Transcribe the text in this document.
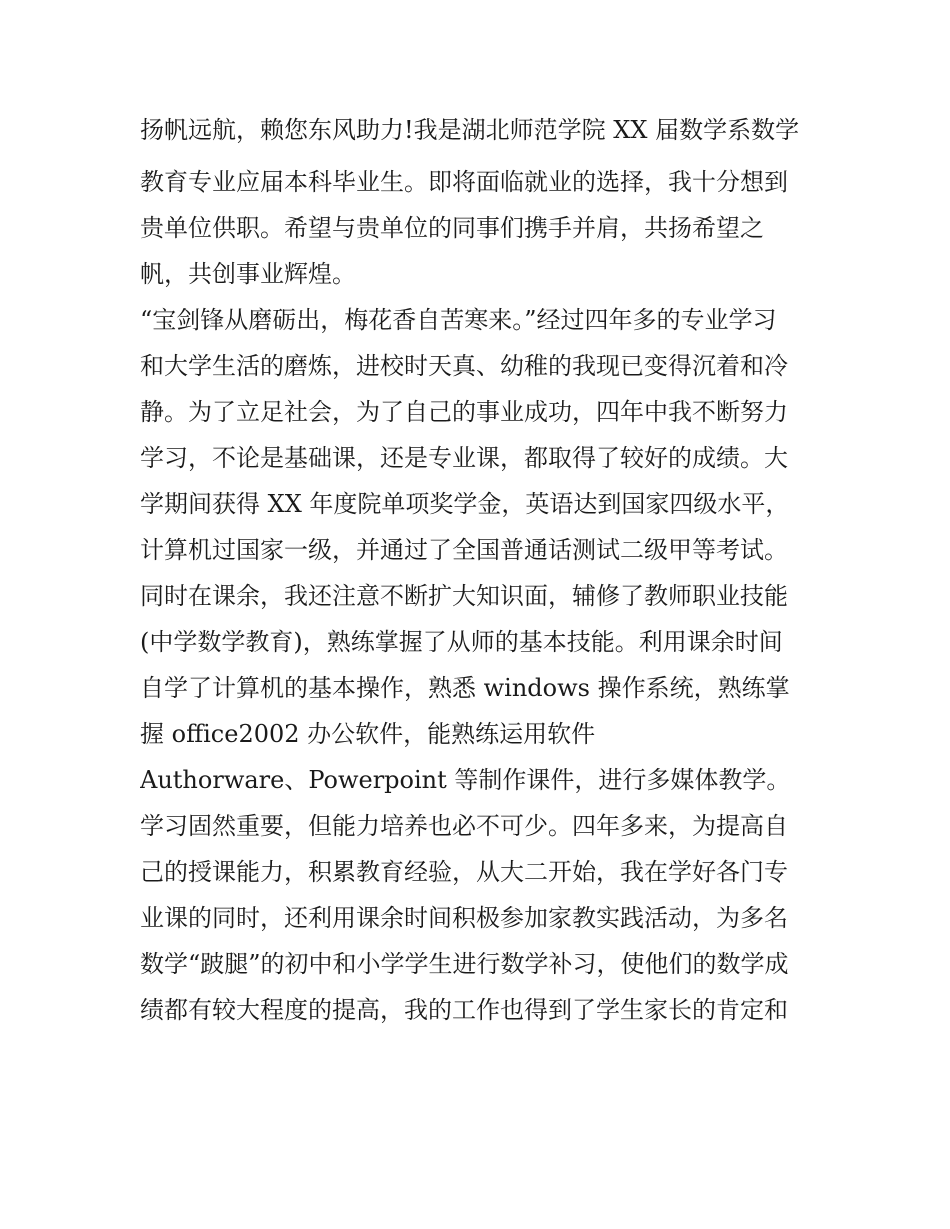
扬帆远航，赖您东风助力!我是湖北师范学院 XX 届数学系数学
教育专业应届本科毕业生。即将面临就业的选择，我十分想到
贵单位供职。希望与贵单位的同事们携手并肩，共扬希望之
帆，共创事业辉煌。
“宝剑锋从磨砺出，梅花香自苦寒来。”经过四年多的专业学习
和大学生活的磨炼，进校时天真、幼稚的我现已变得沉着和冷
静。为了立足社会，为了自己的事业成功，四年中我不断努力
学习，不论是基础课，还是专业课，都取得了较好的成绩。大
学期间获得 XX 年度院单项奖学金，英语达到国家四级水平，
计算机过国家一级，并通过了全国普通话测试二级甲等考试。
同时在课余，我还注意不断扩大知识面，辅修了教师职业技能
(中学数学教育)，熟练掌握了从师的基本技能。利用课余时间
自学了计算机的基本操作，熟悉 windows 操作系统，熟练掌
握 office2002 办公软件，能熟练运用软件
Authorware、Powerpoint 等制作课件，进行多媒体教学。
学习固然重要，但能力培养也必不可少。四年多来，为提高自
己的授课能力，积累教育经验，从大二开始，我在学好各门专
业课的同时，还利用课余时间积极参加家教实践活动，为多名
数学“跛腿”的初中和小学学生进行数学补习，使他们的数学成
绩都有较大程度的提高，我的工作也得到了学生家长的肯定和
